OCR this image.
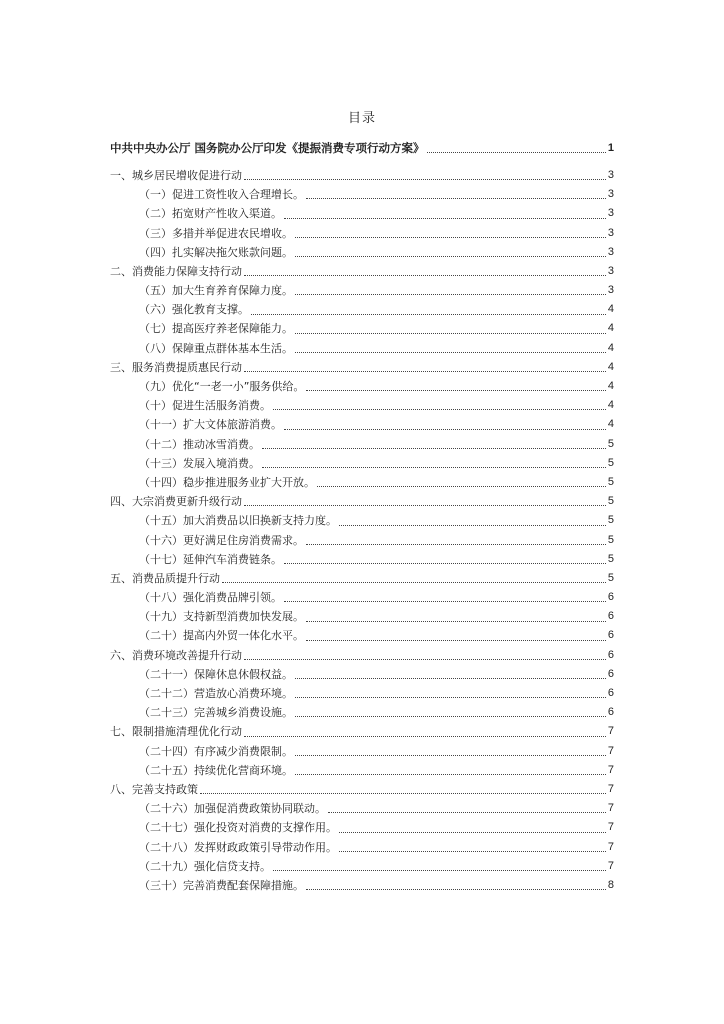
目录
中共中央办公厅 国务院办公厅印发《提振消费专项行动方案》	1
一、城乡居民增收促进行动	3
（一）促进工资性收入合理增长。	3
（二）拓宽财产性收入渠道。	3
（三）多措并举促进农民增收。	3
（四）扎实解决拖欠账款问题。	3
二、消费能力保障支持行动	3
（五）加大生育养育保障力度。	3
（六）强化教育支撑。	4
（七）提高医疗养老保障能力。	4
（八）保障重点群体基本生活。	4
三、服务消费提质惠民行动	4
（九）优化“一老一小”服务供给。	4
（十）促进生活服务消费。	4
（十一）扩大文体旅游消费。	4
（十二）推动冰雪消费。	5
（十三）发展入境消费。	5
（十四）稳步推进服务业扩大开放。	5
四、大宗消费更新升级行动	5
（十五）加大消费品以旧换新支持力度。	5
（十六）更好满足住房消费需求。	5
（十七）延伸汽车消费链条。	5
五、消费品质提升行动	5
（十八）强化消费品牌引领。	6
（十九）支持新型消费加快发展。	6
（二十）提高内外贸一体化水平。	6
六、消费环境改善提升行动	6
（二十一）保障休息休假权益。	6
（二十二）营造放心消费环境。	6
（二十三）完善城乡消费设施。	6
七、限制措施清理优化行动	7
（二十四）有序减少消费限制。	7
（二十五）持续优化营商环境。	7
八、完善支持政策	7
（二十六）加强促消费政策协同联动。	7
（二十七）强化投资对消费的支撑作用。	7
（二十八）发挥财政政策引导带动作用。	7
（二十九）强化信贷支持。	7
（三十）完善消费配套保障措施。	8
